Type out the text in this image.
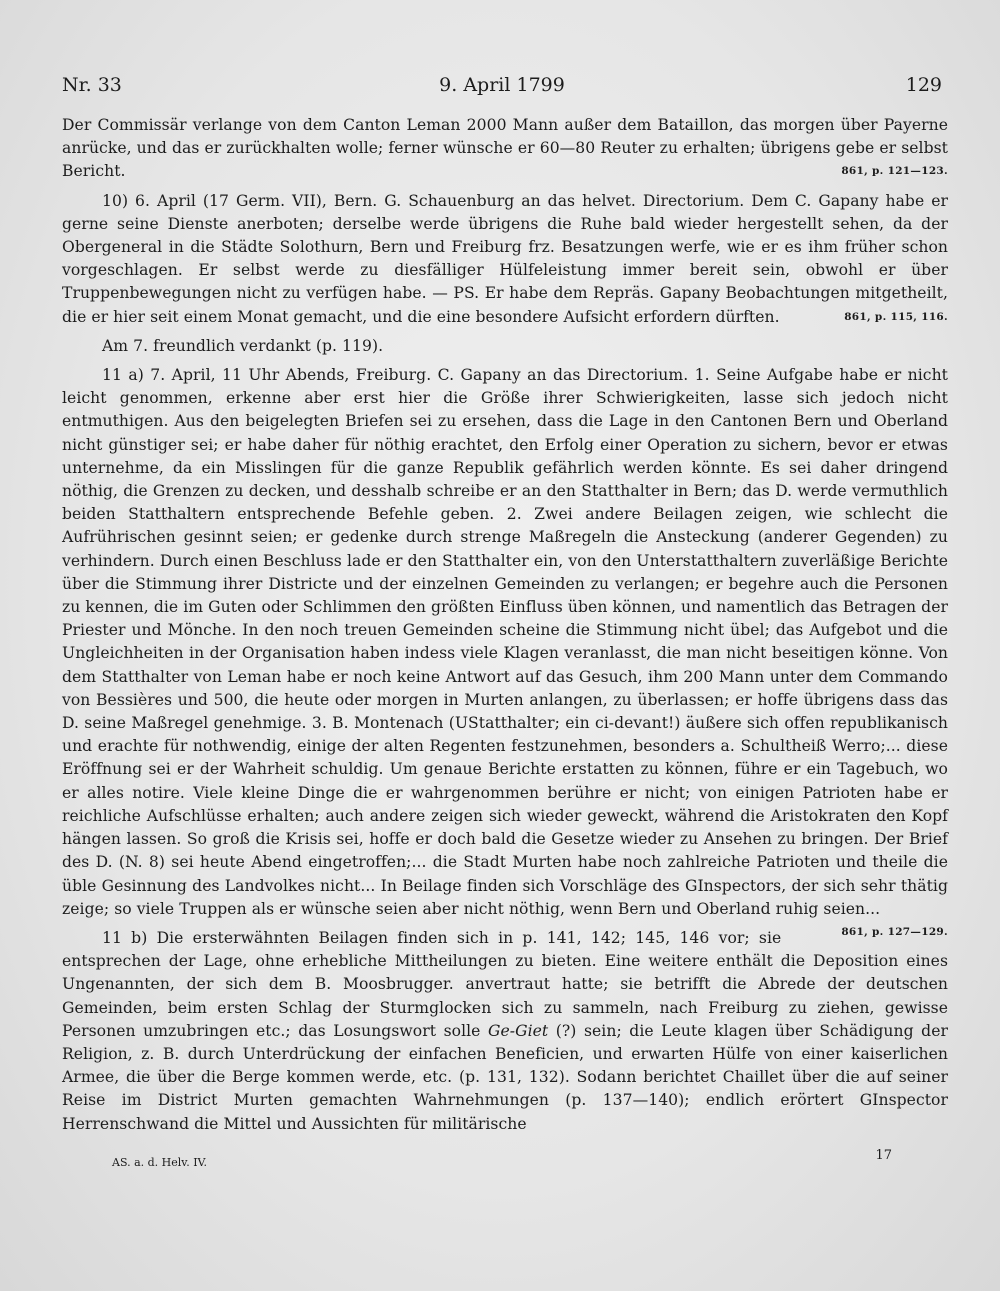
Nr. 33	9. April 1799	129

Der Commissär verlange von dem Canton Leman 2000 Mann außer dem Bataillon, das morgen über Payerne anrücke, und das er zurückhalten wolle; ferner wünsche er 60—80 Reuter zu erhalten; übrigens gebe er selbst Bericht.	861, p. 121—123.

10) 6. April (17 Germ. VII), Bern. G. Schauenburg an das helvet. Directorium. Dem C. Gapany habe er gerne seine Dienste anerboten; derselbe werde übrigens die Ruhe bald wieder hergestellt sehen, da der Obergeneral in die Städte Solothurn, Bern und Freiburg frz. Besatzungen werfe, wie er es ihm früher schon vorgeschlagen. Er selbst werde zu diesfälliger Hülfeleistung immer bereit sein, obwohl er über Truppenbewegungen nicht zu verfügen habe. — PS. Er habe dem Repräs. Gapany Beobachtungen mitgetheilt, die er hier seit einem Monat gemacht, und die eine besondere Aufsicht erfordern dürften.	861, p. 115, 116.

Am 7. freundlich verdankt (p. 119).

11 a) 7. April, 11 Uhr Abends, Freiburg. C. Gapany an das Directorium. 1. Seine Aufgabe habe er nicht leicht genommen, erkenne aber erst hier die Größe ihrer Schwierigkeiten, lasse sich jedoch nicht entmuthigen. Aus den beigelegten Briefen sei zu ersehen, dass die Lage in den Cantonen Bern und Oberland nicht günstiger sei; er habe daher für nöthig erachtet, den Erfolg einer Operation zu sichern, bevor er etwas unternehme, da ein Misslingen für die ganze Republik gefährlich werden könnte. Es sei daher dringend nöthig, die Grenzen zu decken, und desshalb schreibe er an den Statthalter in Bern; das D. werde vermuthlich beiden Statthaltern entsprechende Befehle geben. 2. Zwei andere Beilagen zeigen, wie schlecht die Aufrührischen gesinnt seien; er gedenke durch strenge Maßregeln die Ansteckung (anderer Gegenden) zu verhindern. Durch einen Beschluss lade er den Statthalter ein, von den Unterstatthaltern zuverläßige Berichte über die Stimmung ihrer Districte und der einzelnen Gemeinden zu verlangen; er begehre auch die Personen zu kennen, die im Guten oder Schlimmen den größten Einfluss üben können, und namentlich das Betragen der Priester und Mönche. In den noch treuen Gemeinden scheine die Stimmung nicht übel; das Aufgebot und die Ungleichheiten in der Organisation haben indess viele Klagen veranlasst, die man nicht beseitigen könne. Von dem Statthalter von Leman habe er noch keine Antwort auf das Gesuch, ihm 200 Mann unter dem Commando von Bessières und 500, die heute oder morgen in Murten anlangen, zu überlassen; er hoffe übrigens dass das D. seine Maßregel genehmige. 3. B. Montenach (UStatthalter; ein ci-devant!) äußere sich offen republikanisch und erachte für nothwendig, einige der alten Regenten festzunehmen, besonders a. Schultheiß Werro;... diese Eröffnung sei er der Wahrheit schuldig. Um genaue Berichte erstatten zu können, führe er ein Tagebuch, wo er alles notire. Viele kleine Dinge die er wahrgenommen berühre er nicht; von einigen Patrioten habe er reichliche Aufschlüsse erhalten; auch andere zeigen sich wieder geweckt, während die Aristokraten den Kopf hängen lassen. So groß die Krisis sei, hoffe er doch bald die Gesetze wieder zu Ansehen zu bringen. Der Brief des D. (N. 8) sei heute Abend eingetroffen;... die Stadt Murten habe noch zahlreiche Patrioten und theile die üble Gesinnung des Landvolkes nicht... In Beilage finden sich Vorschläge des GInspectors, der sich sehr thätig zeige; so viele Truppen als er wünsche seien aber nicht nöthig, wenn Bern und Oberland ruhig seien...
861, p. 127—129.

11 b) Die ersterwähnten Beilagen finden sich in p. 141, 142; 145, 146 vor; sie entsprechen der Lage, ohne erhebliche Mittheilungen zu bieten. Eine weitere enthält die Deposition eines Ungenannten, der sich dem B. Moosbrugger. anvertraut hatte; sie betrifft die Abrede der deutschen Gemeinden, beim ersten Schlag der Sturmglocken sich zu sammeln, nach Freiburg zu ziehen, gewisse Personen umzubringen etc.; das Losungswort solle Ge-Giet (?) sein; die Leute klagen über Schädigung der Religion, z. B. durch Unterdrückung der einfachen Beneficien, und erwarten Hülfe von einer kaiserlichen Armee, die über die Berge kommen werde, etc. (p. 131, 132). Sodann berichtet Chaillet über die auf seiner Reise im District Murten gemachten Wahrnehmungen (p. 137—140); endlich erörtert GInspector Herrenschwand die Mittel und Aussichten für militärische

AS. a. d. Helv. IV.	17
